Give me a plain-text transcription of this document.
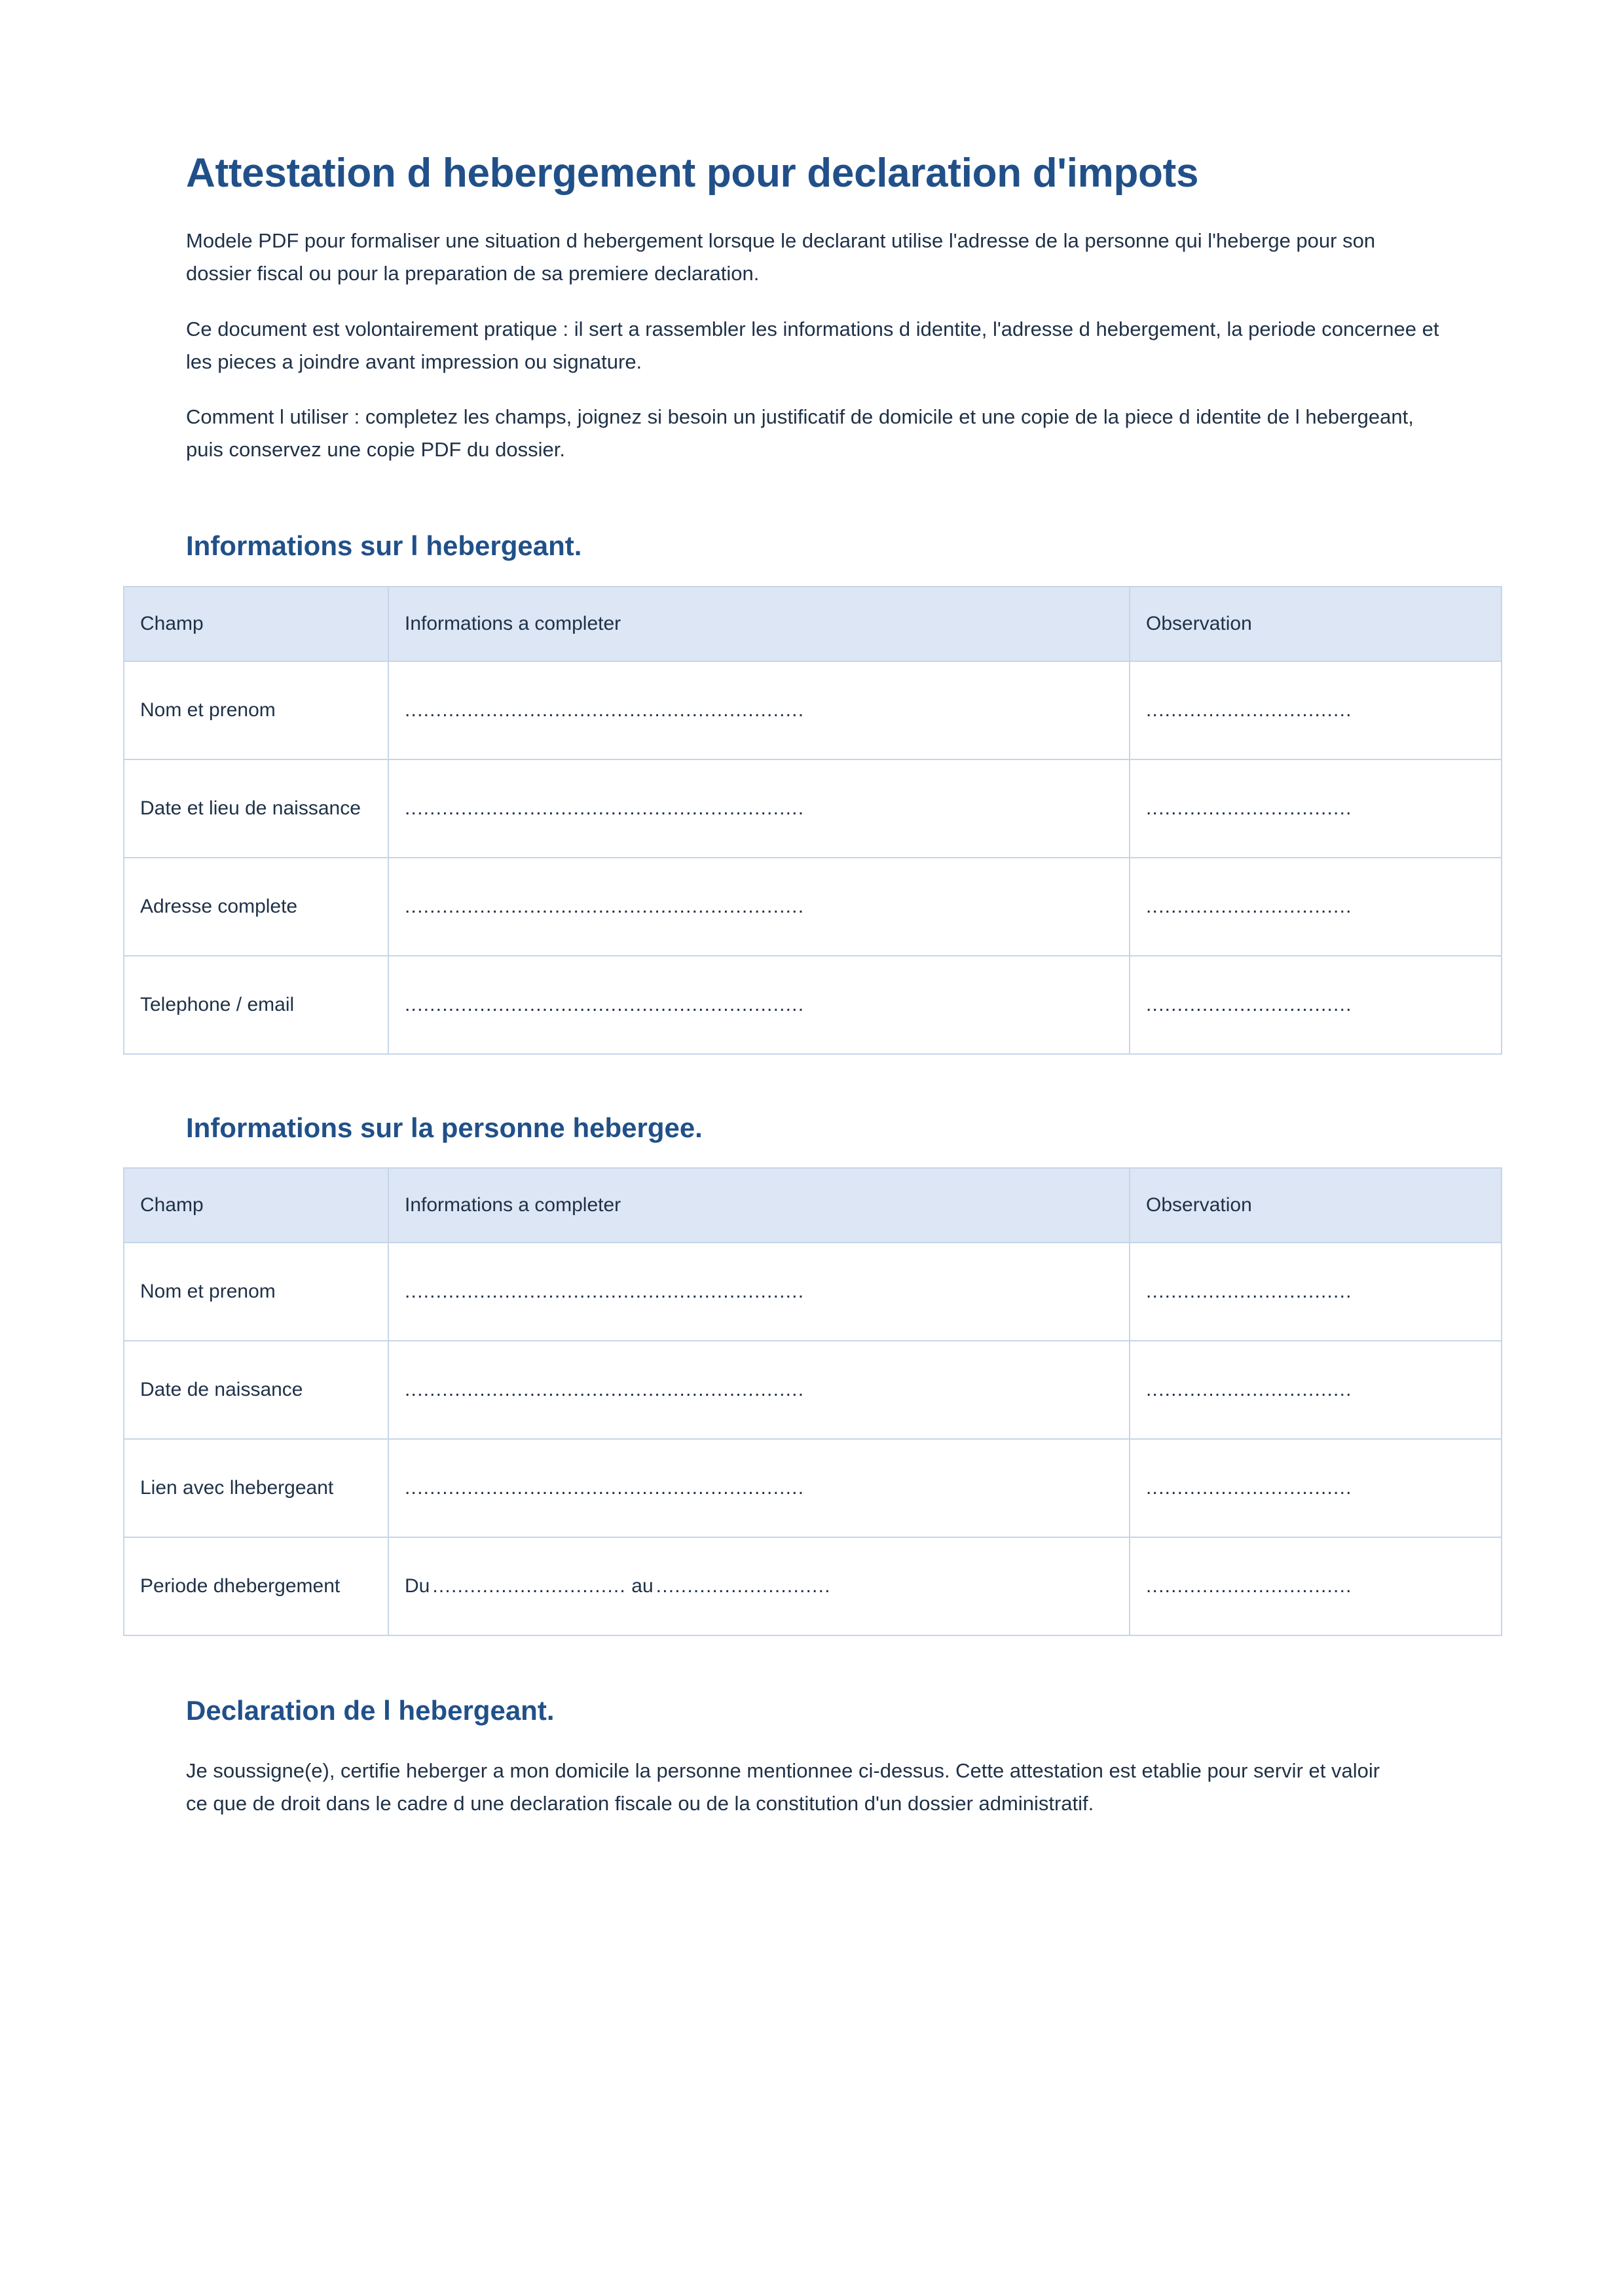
Attestation d hebergement pour declaration d'impots

Modele PDF pour formaliser une situation d hebergement lorsque le declarant utilise l'adresse de la personne qui l'heberge pour son dossier fiscal ou pour la preparation de sa premiere declaration.

Ce document est volontairement pratique : il sert a rassembler les informations d identite, l'adresse d hebergement, la periode concernee et les pieces a joindre avant impression ou signature.

Comment l utiliser : completez les champs, joignez si besoin un justificatif de domicile et une copie de la piece d identite de l hebergeant, puis conservez une copie PDF du dossier.

Informations sur l hebergeant.
Champ	Informations a completer	Observation
Nom et prenom	................................................................	.................................
Date et lieu de naissance	................................................................	.................................
Adresse complete	................................................................	.................................
Telephone / email	................................................................	.................................
Informations sur la personne hebergee.
Champ	Informations a completer	Observation
Nom et prenom	................................................................	.................................
Date de naissance	................................................................	.................................
Lien avec lhebergeant	................................................................	.................................
Periode dhebergement	Du ............................... au ............................	.................................
Declaration de l hebergeant.

Je soussigne(e), certifie heberger a mon domicile la personne mentionnee ci-dessus. Cette attestation est etablie pour servir et valoir ce que de droit dans le cadre d une declaration fiscale ou de la constitution d'un dossier administratif.
